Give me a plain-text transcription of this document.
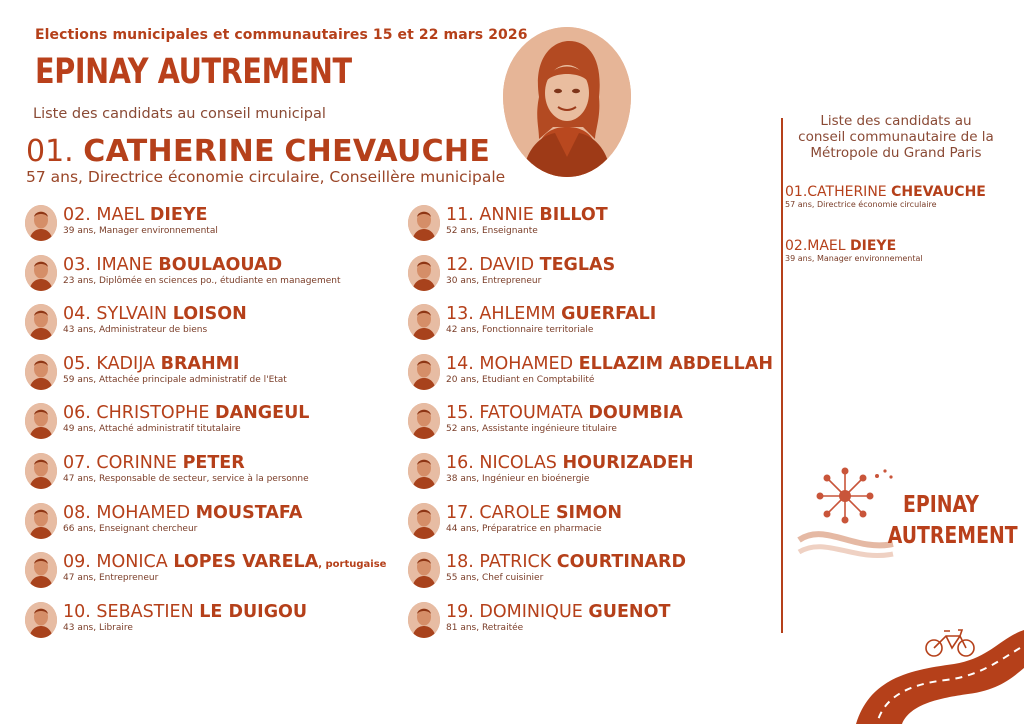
Elections municipales et communautaires 15 et 22 mars 2026
EPINAY AUTREMENT
Liste des candidats au conseil municipal
01. CATHERINE CHEVAUCHE
57 ans, Directrice économie circulaire, Conseillère municipale
02. MAEL DIEYE
39 ans, Manager environnemental
03. IMANE BOULAOUAD
23 ans, Diplômée en sciences po., étudiante en management
04. SYLVAIN LOISON
43 ans, Administrateur de biens
05. KADIJA BRAHMI
59 ans, Attachée principale administratif de l'Etat
06. CHRISTOPHE DANGEUL
49 ans, Attaché administratif titutalaire
07. CORINNE PETER
47 ans, Responsable de secteur, service à la personne
08. MOHAMED MOUSTAFA
66 ans, Enseignant chercheur
09. MONICA LOPES VARELA, portugaise
47 ans, Entrepreneur
10. SEBASTIEN LE DUIGOU
43 ans, Libraire
11. ANNIE BILLOT
52 ans, Enseignante
12. DAVID TEGLAS
30 ans, Entrepreneur
13. AHLEMM GUERFALI
42 ans, Fonctionnaire territoriale
14. MOHAMED ELLAZIM ABDELLAH
20 ans, Etudiant en Comptabilité
15. FATOUMATA DOUMBIA
52 ans, Assistante ingénieure titulaire
16. NICOLAS HOURIZADEH
38 ans, Ingénieur en bioénergie
17. CAROLE SIMON
44 ans, Préparatrice en pharmacie
18. PATRICK COURTINARD
55 ans, Chef cuisinier
19. DOMINIQUE GUENOT
81 ans, Retraitée
Liste des candidats au
conseil communautaire de la
Métropole du Grand Paris
01.CATHERINE CHEVAUCHE
57 ans, Directrice économie circulaire
02.MAEL DIEYE
39 ans, Manager environnemental
EPINAY
AUTREMENT
